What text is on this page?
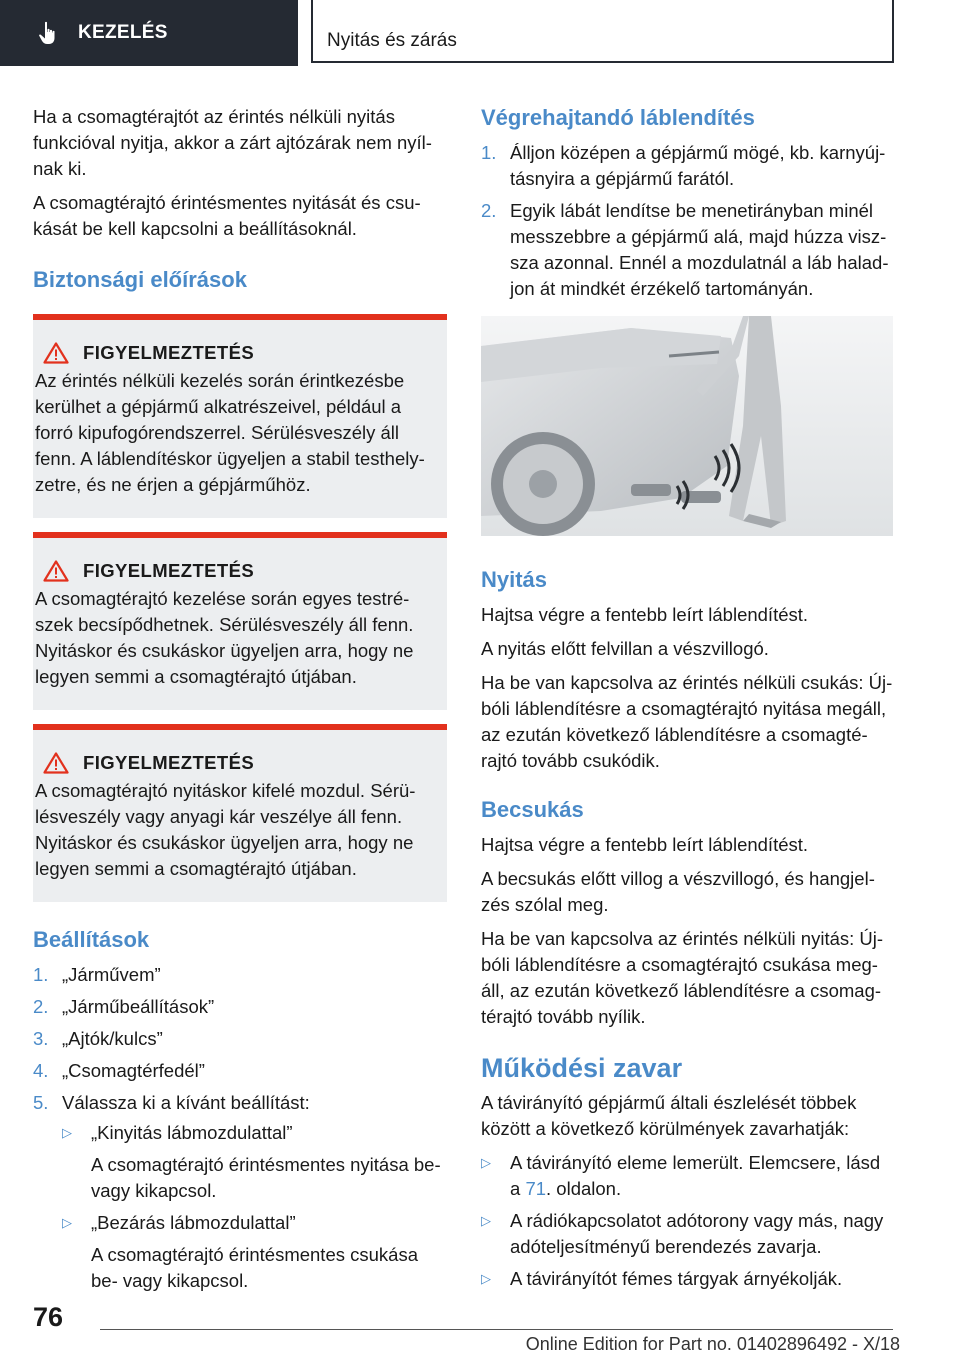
KEZELÉS	Nyitás és zárás

Ha a csomagtérajtót az érintés nélküli nyitás funkcióval nyitja, akkor a zárt ajtózárak nem nyíl‐nak ki.

A csomagtérajtó érintésmentes nyitását és csu‐kását be kell kapcsolni a beállításoknál.

Biztonsági előírások
FIGYELMEZTETÉS

Az érintés nélküli kezelés során érintkezésbe kerülhet a gépjármű alkatrészeivel, például a forró kipufogórendszerrel. Sérülésveszély áll fenn. A láblendítéskor ügyeljen a stabil testhely‐zetre, és ne érjen a gépjárműhöz.

FIGYELMEZTETÉS

A csomagtérajtó kezelése során egyes testré‐szek becsípődhetnek. Sérülésveszély áll fenn. Nyitáskor és csukáskor ügyeljen arra, hogy ne legyen semmi a csomagtérajtó útjában.

FIGYELMEZTETÉS

A csomagtérajtó nyitáskor kifelé mozdul. Sérü‐lésveszély vagy anyagi kár veszélye áll fenn. Nyitáskor és csukáskor ügyeljen arra, hogy ne legyen semmi a csomagtérajtó útjában.

Beállítások
1. „Járművem”
2. „Járműbeállítások”
3. „Ajtók/kulcs”
4. „Csomagtérfedél”
5. Válassza ki a kívánt beállítást:
▷	„Kinyitás lábmozdulattal”
A csomagtérajtó érintésmentes nyitása be- vagy kikapcsol.
▷	„Bezárás lábmozdulattal”
A csomagtérajtó érintésmentes csukása be- vagy kikapcsol.
Végrehajtandó láblendítés
1. Álljon középen a gépjármű mögé, kb. karnyúj‐tásnyira a gépjármű farától.
2. Egyik lábát lendítse be menetirányban minél messzebbre a gépjármű alá, majd húzza visz‐sza azonnal. Ennél a mozdulatnál a láb halad‐jon át mindkét érzékelő tartományán.
Nyitás

Hajtsa végre a fentebb leírt láblendítést.

A nyitás előtt felvillan a vészvillogó.

Ha be van kapcsolva az érintés nélküli csukás: Új‐bóli láblendítésre a csomagtérajtó nyitása megáll, az ezután következő láblendítésre a csomagté‐rajtó tovább csukódik.

Becsukás

Hajtsa végre a fentebb leírt láblendítést.

A becsukás előtt villog a vészvillogó, és hangjel‐zés szólal meg.

Ha be van kapcsolva az érintés nélküli nyitás: Új‐bóli láblendítésre a csomagtérajtó csukása meg‐áll, az ezután következő láblendítésre a csomag‐térajtó tovább nyílik.

Működési zavar

A távirányító gépjármű általi észlelését többek között a következő körülmények zavarhatják:

▷	A távirányító eleme lemerült. Elemcsere, lásd a 71. oldalon.
▷	A rádiókapcsolatot adótorony vagy más, nagy adóteljesítményű berendezés zavarja.
▷	A távirányítót fémes tárgyak árnyékolják.
76
Online Edition for Part no. 01402896492 - X/18
